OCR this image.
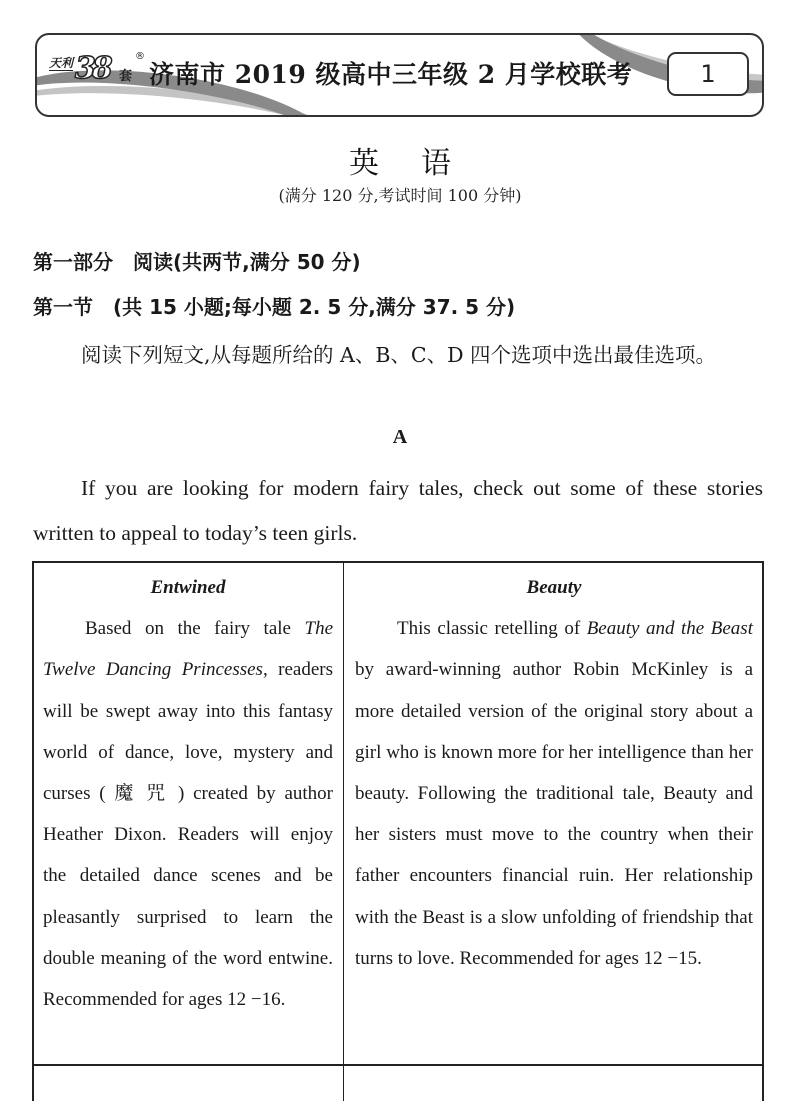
天利 38 套
®
济南市 2019 级高中三年级 2 月学校联考	1
英语
(满分 120 分,考试时间 100 分钟)
第一部分　阅读(共两节,满分 50 分)
第一节　(共 15 小题;每小题 2. 5 分,满分 37. 5 分)
阅读下列短文,从每题所给的 A、B、C、D 四个选项中选出最佳选项。
A
If you are looking for modern fairy tales, check out some of these stories written to appeal to today’s teen girls.
Entwined
Based on the fairy tale The Twelve Dancing Princesses, readers will be swept away into this fantasy world of dance, love, mystery and curses ( 魔 咒 ) created by author Heather Dixon. Readers will enjoy the detailed dance scenes and be pleasantly surprised to learn the double meaning of the word entwine. Recommended for ages 12 −16.
Beauty
This classic retelling of Beauty and the Beast by award-winning author Robin McKinley is a more detailed version of the original story about a girl who is known more for her intelligence than her beauty. Following the traditional tale, Beauty and her sisters must move to the country when their father encounters financial ruin. Her relationship with the Beast is a slow unfolding of friendship that turns to love. Recommended for ages 12 −15.
